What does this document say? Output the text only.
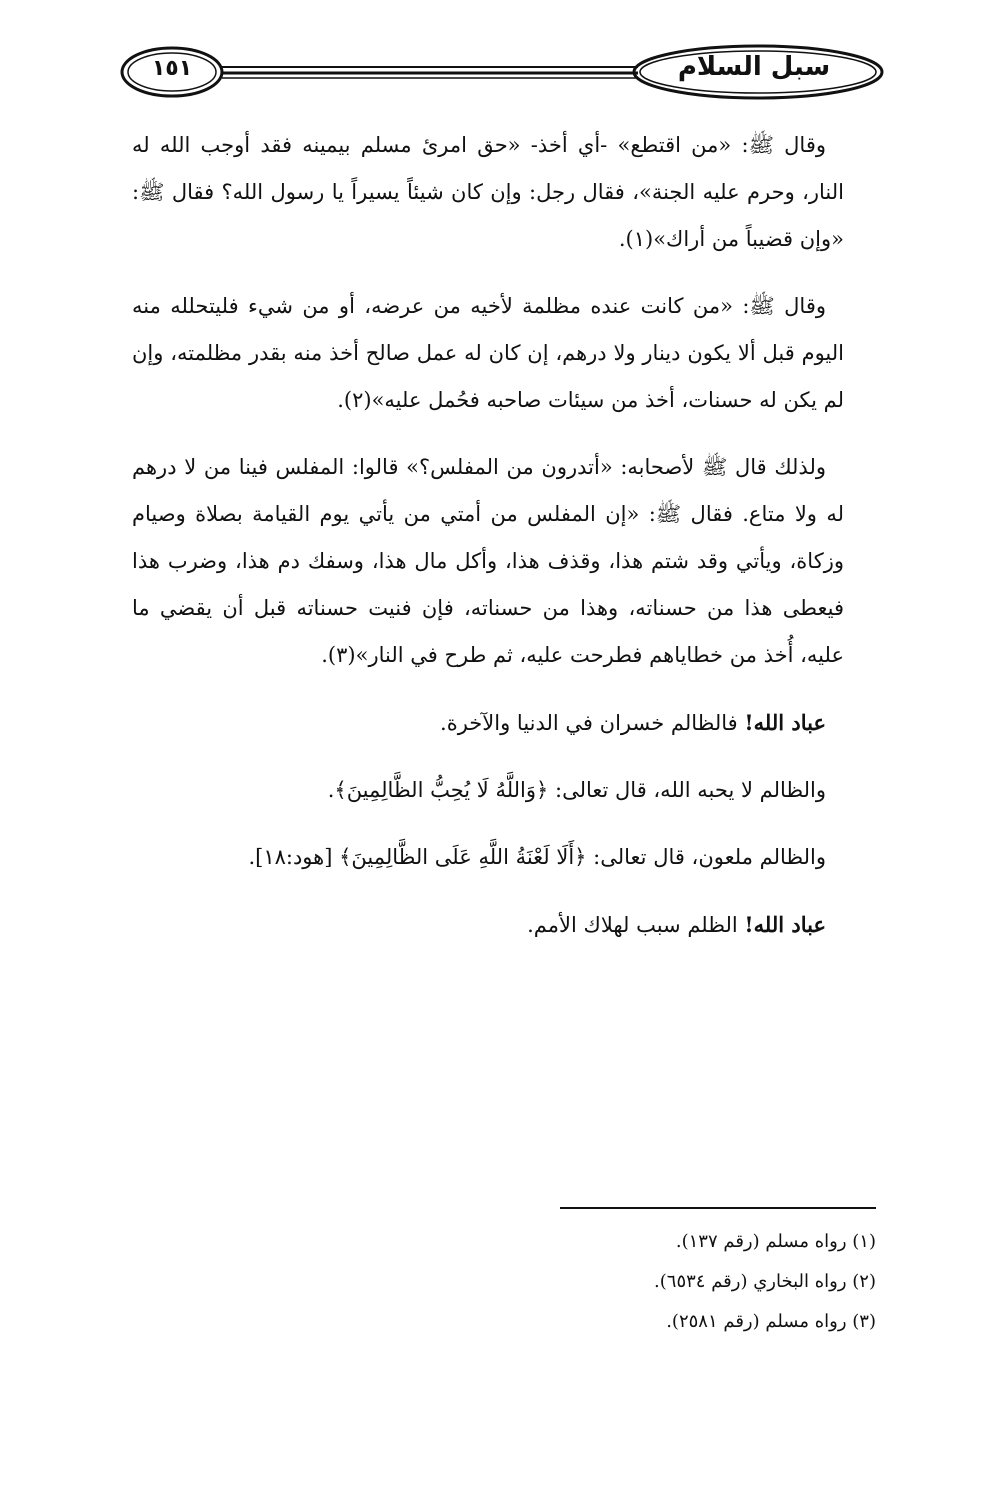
١٥١	سبل السلام

وقال ﷺ: «من اقتطع» -أي أخذ- «حق امرئ مسلم بيمينه فقد أوجب الله له النار، وحرم عليه الجنة»، فقال رجل: وإن كان شيئاً يسيراً يا رسول الله؟ فقال ﷺ: «وإن قضيباً من أراك»(١).

وقال ﷺ: «من كانت عنده مظلمة لأخيه من عرضه، أو من شيء فليتحلله منه اليوم قبل ألا يكون دينار ولا درهم، إن كان له عمل صالح أخذ منه بقدر مظلمته، وإن لم يكن له حسنات، أخذ من سيئات صاحبه فحُمل عليه»(٢).

ولذلك قال ﷺ لأصحابه: «أتدرون من المفلس؟» قالوا: المفلس فينا من لا درهم له ولا متاع. فقال ﷺ: «إن المفلس من أمتي من يأتي يوم القيامة بصلاة وصيام وزكاة، ويأتي وقد شتم هذا، وقذف هذا، وأكل مال هذا، وسفك دم هذا، وضرب هذا فيعطى هذا من حسناته، وهذا من حسناته، فإن فنيت حسناته قبل أن يقضي ما عليه، أُخذ من خطاياهم فطرحت عليه، ثم طرح في النار»(٣).

عباد الله! فالظالم خسران في الدنيا والآخرة.

والظالم لا يحبه الله، قال تعالى: ﴿وَاللَّهُ لَا يُحِبُّ الظَّالِمِينَ﴾.

والظالم ملعون، قال تعالى: ﴿أَلَا لَعْنَةُ اللَّهِ عَلَى الظَّالِمِينَ﴾ [هود:١٨].

عباد الله! الظلم سبب لهلاك الأمم.

(١) رواه مسلم (رقم ١٣٧).
(٢) رواه البخاري (رقم ٦٥٣٤).
(٣) رواه مسلم (رقم ٢٥٨١).
